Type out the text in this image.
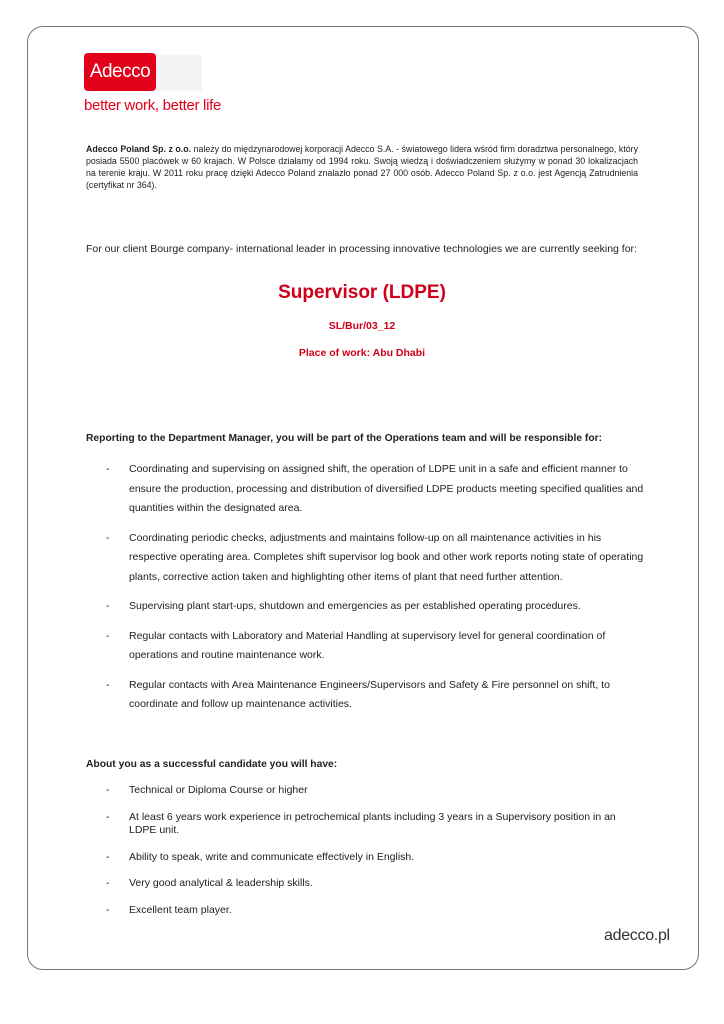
Adecco
better work, better life

Adecco Poland Sp. z o.o. należy do międzynarodowej korporacji Adecco S.A. - światowego lidera wśród firm doradztwa personalnego, który posiada 5500 placówek w 60 krajach. W Polsce działamy od 1994 roku. Swoją wiedzą i doświadczeniem służymy w ponad 30 lokalizacjach na terenie kraju. W 2011 roku pracę dzięki Adecco Poland znalazło ponad 27 000 osób. Adecco Poland Sp. z o.o. jest Agencją Zatrudnienia (certyfikat nr 364).

For our client Bourge company- international leader in processing innovative technologies we are currently seeking for:

Supervisor (LDPE)
SL/Bur/03_12
Place of work: Abu Dhabi
Reporting to the Department Manager, you will be part of the Operations team and will be responsible for:
- Coordinating and supervising on assigned shift, the operation of LDPE unit in a safe and efficient manner to ensure the production, processing and distribution of diversified LDPE products meeting specified qualities and quantities within the designated area.
- Coordinating periodic checks, adjustments and maintains follow-up on all maintenance activities in his respective operating area. Completes shift supervisor log book and other work reports noting state of operating plants, corrective action taken and highlighting other items of plant that need further attention.
- Supervising plant start-ups, shutdown and emergencies as per established operating procedures.
- Regular contacts with Laboratory and Material Handling at supervisory level for general coordination of operations and routine maintenance work.
- Regular contacts with Area Maintenance Engineers/Supervisors and Safety & Fire personnel on shift, to coordinate and follow up maintenance activities.
About you as a successful candidate you will have:
- Technical or Diploma Course or higher
- At least 6 years work experience in petrochemical plants including 3 years in a Supervisory position in an LDPE unit.
- Ability to speak, write and communicate effectively in English.
- Very good analytical & leadership skills.
- Excellent team player.
adecco.pl
